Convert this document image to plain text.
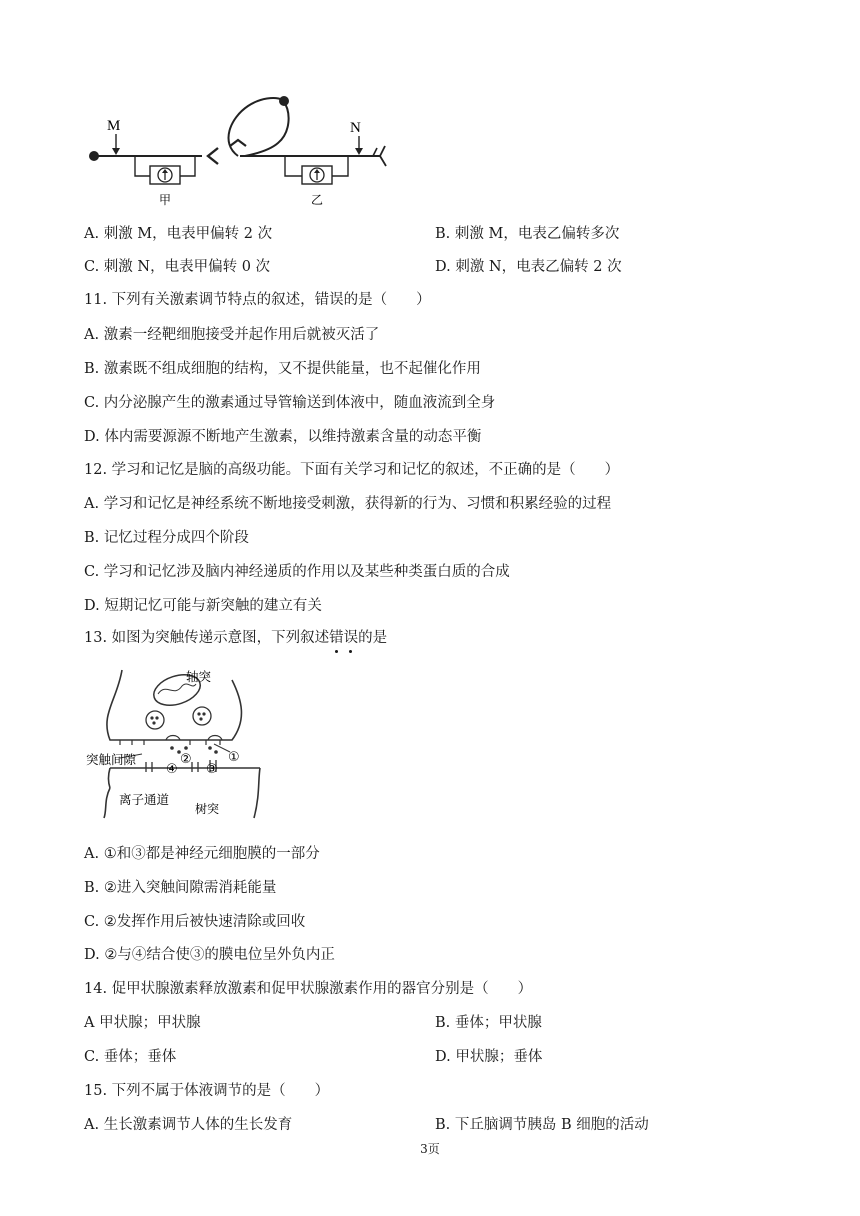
M
甲
N
乙
A. 刺激 M，电表甲偏转 2 次	B. 刺激 M，电表乙偏转多次
C. 刺激 N，电表甲偏转 0 次	D. 刺激 N，电表乙偏转 2 次
11. 下列有关激素调节特点的叙述，错误的是（　　）
A. 激素一经靶细胞接受并起作用后就被灭活了
B. 激素既不组成细胞的结构，又不提供能量，也不起催化作用
C. 内分泌腺产生的激素通过导管输送到体液中，随血液流到全身
D. 体内需要源源不断地产生激素，以维持激素含量的动态平衡
12. 学习和记忆是脑的高级功能。下面有关学习和记忆的叙述，不正确的是（　　）
A. 学习和记忆是神经系统不断地接受刺激，获得新的行为、习惯和积累经验的过程
B. 记忆过程分成四个阶段
C. 学习和记忆涉及脑内神经递质的作用以及某些种类蛋白质的合成
D. 短期记忆可能与新突触的建立有关
13. 如图为突触传递示意图，下列叙述错误的是
①
②
③
④
轴突
突触间隙
离子通道
树突
A. ①和③都是神经元细胞膜的一部分
B. ②进入突触间隙需消耗能量
C. ②发挥作用后被快速清除或回收
D. ②与④结合使③的膜电位呈外负内正
14. 促甲状腺激素释放激素和促甲状腺激素作用的器官分别是（　　）
A 甲状腺；甲状腺	B. 垂体；甲状腺
C. 垂体；垂体	D. 甲状腺；垂体
15. 下列不属于体液调节的是（　　）
A. 生长激素调节人体的生长发育	B. 下丘脑调节胰岛 B 细胞的活动
3页
